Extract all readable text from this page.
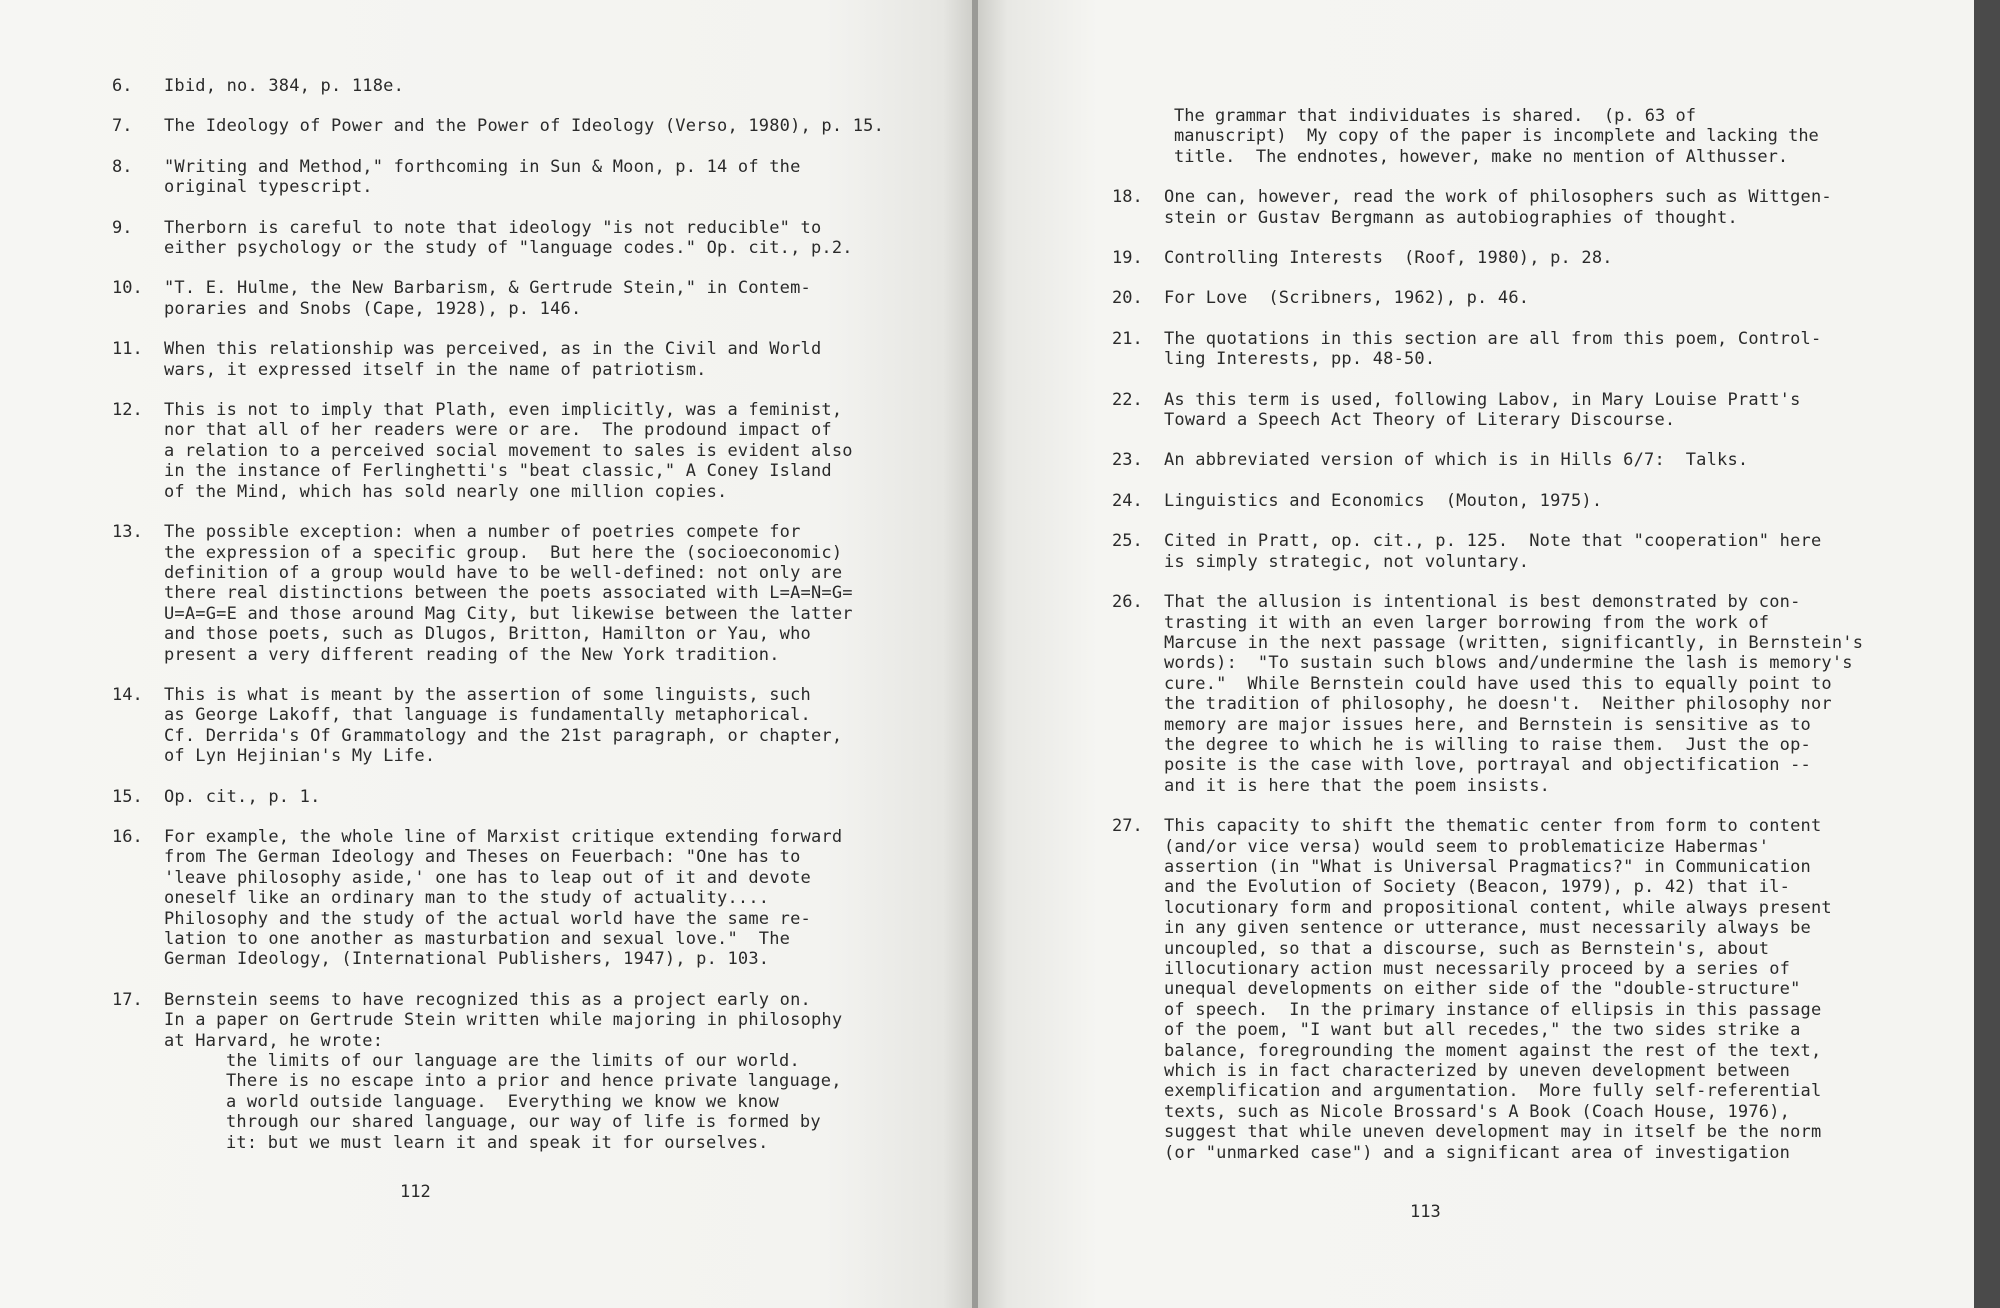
6. Ibid, no. 384, p. 118e.
7. The Ideology of Power and the Power of Ideology (Verso, 1980), p. 15.
8. "Writing and Method," forthcoming in Sun & Moon, p. 14 of the
original typescript.
9. Therborn is careful to note that ideology "is not reducible" to
either psychology or the study of "language codes." Op. cit., p.2.
10. "T. E. Hulme, the New Barbarism, & Gertrude Stein," in Contem-
poraries and Snobs (Cape, 1928), p. 146.
11. When this relationship was perceived, as in the Civil and World
wars, it expressed itself in the name of patriotism.
12. This is not to imply that Plath, even implicitly, was a feminist,
nor that all of her readers were or are.  The prodound impact of
a relation to a perceived social movement to sales is evident also
in the instance of Ferlinghetti's "beat classic," A Coney Island
of the Mind, which has sold nearly one million copies.
13. The possible exception: when a number of poetries compete for
the expression of a specific group.  But here the (socioeconomic)
definition of a group would have to be well-defined: not only are
there real distinctions between the poets associated with L=A=N=G=
U=A=G=E and those around Mag City, but likewise between the latter
and those poets, such as Dlugos, Britton, Hamilton or Yau, who
present a very different reading of the New York tradition.
14. This is what is meant by the assertion of some linguists, such
as George Lakoff, that language is fundamentally metaphorical.
Cf. Derrida's Of Grammatology and the 21st paragraph, or chapter,
of Lyn Hejinian's My Life.
15. Op. cit., p. 1.
16. For example, the whole line of Marxist critique extending forward
from The German Ideology and Theses on Feuerbach: "One has to
'leave philosophy aside,' one has to leap out of it and devote
oneself like an ordinary man to the study of actuality....
Philosophy and the study of the actual world have the same re-
lation to one another as masturbation and sexual love."  The
German Ideology, (International Publishers, 1947), p. 103.
17. Bernstein seems to have recognized this as a project early on.
In a paper on Gertrude Stein written while majoring in philosophy
at Harvard, he wrote:
the limits of our language are the limits of our world.
There is no escape into a prior and hence private language,
a world outside language.  Everything we know we know
through our shared language, our way of life is formed by
it: but we must learn it and speak it for ourselves.
112
The grammar that individuates is shared.  (p. 63 of
manuscript)  My copy of the paper is incomplete and lacking the
title.  The endnotes, however, make no mention of Althusser.
18. One can, however, read the work of philosophers such as Wittgen-
stein or Gustav Bergmann as autobiographies of thought.
19. Controlling Interests  (Roof, 1980), p. 28.
20. For Love  (Scribners, 1962), p. 46.
21. The quotations in this section are all from this poem, Control-
ling Interests, pp. 48-50.
22. As this term is used, following Labov, in Mary Louise Pratt's
Toward a Speech Act Theory of Literary Discourse.
23. An abbreviated version of which is in Hills 6/7:  Talks.
24. Linguistics and Economics  (Mouton, 1975).
25. Cited in Pratt, op. cit., p. 125.  Note that "cooperation" here
is simply strategic, not voluntary.
26. That the allusion is intentional is best demonstrated by con-
trasting it with an even larger borrowing from the work of
Marcuse in the next passage (written, significantly, in Bernstein's
words):  "To sustain such blows and/undermine the lash is memory's
cure."  While Bernstein could have used this to equally point to
the tradition of philosophy, he doesn't.  Neither philosophy nor
memory are major issues here, and Bernstein is sensitive as to
the degree to which he is willing to raise them.  Just the op-
posite is the case with love, portrayal and objectification --
and it is here that the poem insists.
27. This capacity to shift the thematic center from form to content
(and/or vice versa) would seem to problematicize Habermas'
assertion (in "What is Universal Pragmatics?" in Communication
and the Evolution of Society (Beacon, 1979), p. 42) that il-
locutionary form and propositional content, while always present
in any given sentence or utterance, must necessarily always be
uncoupled, so that a discourse, such as Bernstein's, about
illocutionary action must necessarily proceed by a series of
unequal developments on either side of the "double-structure"
of speech.  In the primary instance of ellipsis in this passage
of the poem, "I want but all recedes," the two sides strike a
balance, foregrounding the moment against the rest of the text,
which is in fact characterized by uneven development between
exemplification and argumentation.  More fully self-referential
texts, such as Nicole Brossard's A Book (Coach House, 1976),
suggest that while uneven development may in itself be the norm
(or "unmarked case") and a significant area of investigation
113
